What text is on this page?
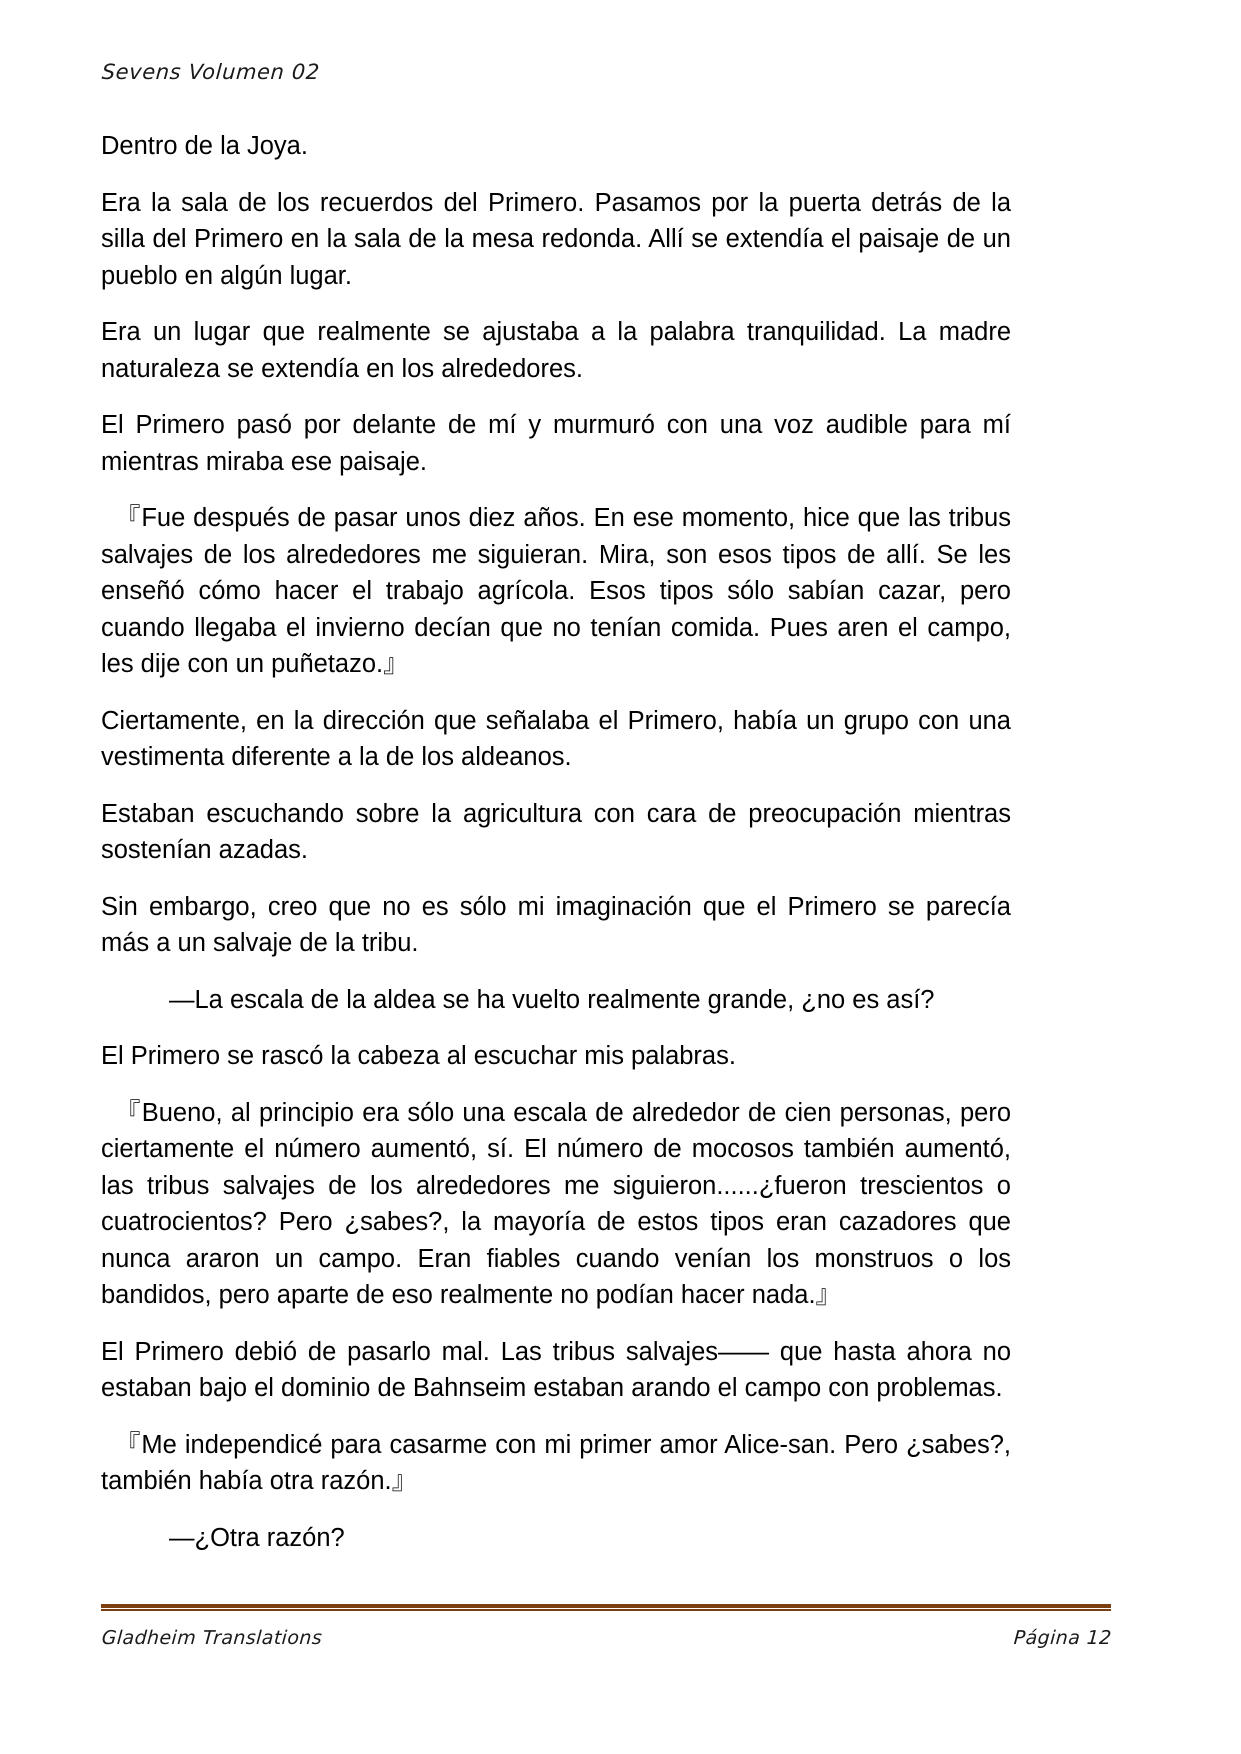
Sevens Volumen 02

Dentro de la Joya.

Era la sala de los recuerdos del Primero. Pasamos por la puerta detrás de la silla del Primero en la sala de la mesa redonda. Allí se extendía el paisaje de un pueblo en algún lugar.

Era un lugar que realmente se ajustaba a la palabra tranquilidad. La madre naturaleza se extendía en los alrededores.

El Primero pasó por delante de mí y murmuró con una voz audible para mí mientras miraba ese paisaje.

『Fue después de pasar unos diez años. En ese momento, hice que las tribus salvajes de los alrededores me siguieran. Mira, son esos tipos de allí. Se les enseñó cómo hacer el trabajo agrícola. Esos tipos sólo sabían cazar, pero cuando llegaba el invierno decían que no tenían comida. Pues aren el campo, les dije con un puñetazo.』

Ciertamente, en la dirección que señalaba el Primero, había un grupo con una vestimenta diferente a la de los aldeanos.

Estaban escuchando sobre la agricultura con cara de preocupación mientras sostenían azadas.

Sin embargo, creo que no es sólo mi imaginación que el Primero se parecía más a un salvaje de la tribu.

—La escala de la aldea se ha vuelto realmente grande, ¿no es así?

El Primero se rascó la cabeza al escuchar mis palabras.

『Bueno, al principio era sólo una escala de alrededor de cien personas, pero ciertamente el número aumentó, sí. El número de mocosos también aumentó, las tribus salvajes de los alrededores me siguieron......¿fueron trescientos o cuatrocientos? Pero ¿sabes?, la mayoría de estos tipos eran cazadores que nunca araron un campo. Eran fiables cuando venían los monstruos o los bandidos, pero aparte de eso realmente no podían hacer nada.』

El Primero debió de pasarlo mal. Las tribus salvajes—— que hasta ahora no estaban bajo el dominio de Bahnseim estaban arando el campo con problemas.

『Me independicé para casarme con mi primer amor Alice-san. Pero ¿sabes?, también había otra razón.』

—¿Otra razón?

Gladheim Translations	Página 12
